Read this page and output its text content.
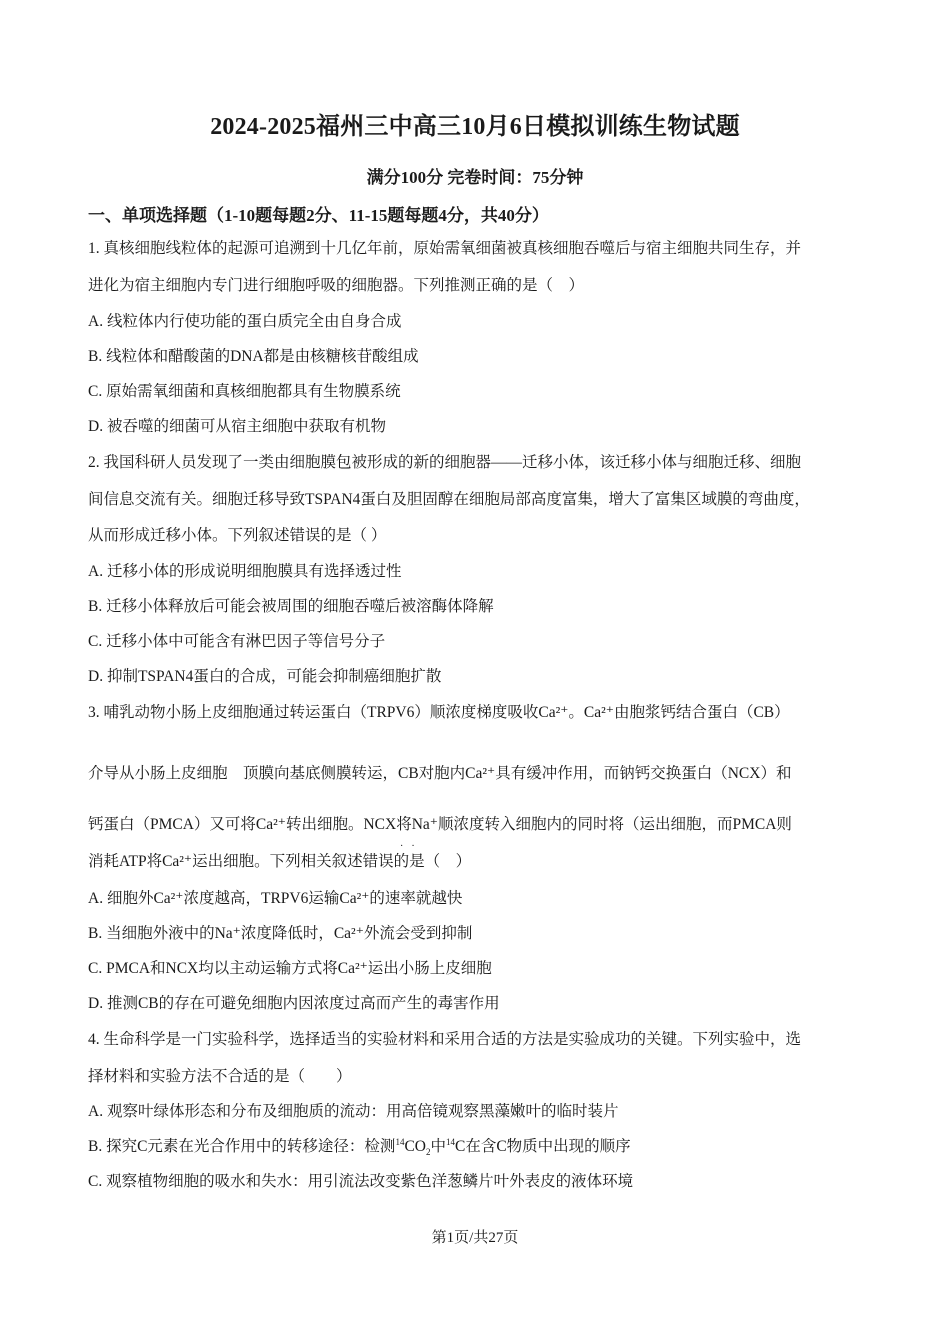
2024-2025福州三中高三10月6日模拟训练生物试题
满分100分 完卷时间：75分钟
一、单项选择题（1-10题每题2分、11-15题每题4分，共40分）
1. 真核细胞线粒体的起源可追溯到十几亿年前，原始需氧细菌被真核细胞吞噬后与宿主细胞共同生存，并
进化为宿主细胞内专门进行细胞呼吸的细胞器。下列推测正确的是（　）
A. 线粒体内行使功能的蛋白质完全由自身合成
B. 线粒体和醋酸菌的DNA都是由核糖核苷酸组成
C. 原始需氧细菌和真核细胞都具有生物膜系统
D. 被吞噬的细菌可从宿主细胞中获取有机物
2. 我国科研人员发现了一类由细胞膜包被形成的新的细胞器——迁移小体，该迁移小体与细胞迁移、细胞
间信息交流有关。细胞迁移导致TSPAN4蛋白及胆固醇在细胞局部高度富集，增大了富集区域膜的弯曲度，
从而形成迁移小体。下列叙述错误的是（ ）
A. 迁移小体的形成说明细胞膜具有选择透过性
B. 迁移小体释放后可能会被周围的细胞吞噬后被溶酶体降解
C. 迁移小体中可能含有淋巴因子等信号分子
D. 抑制TSPAN4蛋白的合成，可能会抑制癌细胞扩散
3. 哺乳动物小肠上皮细胞通过转运蛋白（TRPV6）顺浓度梯度吸收Ca²⁺。Ca²⁺由胞浆钙结合蛋白（CB）
介导从小肠上皮细胞　顶膜向基底侧膜转运，CB对胞内Ca²⁺具有缓冲作用，而钠钙交换蛋白（NCX）和
钙蛋白（PMCA）又可将Ca²⁺转出细胞。NCX将Na⁺顺浓度转入细胞内的同时将（运出细胞，而PMCA则
··
消耗ATP将Ca²⁺运出细胞。下列相关叙述错误的是（　）
A. 细胞外Ca²⁺浓度越高，TRPV6运输Ca²⁺的速率就越快
B. 当细胞外液中的Na⁺浓度降低时，Ca²⁺外流会受到抑制
C. PMCA和NCX均以主动运输方式将Ca²⁺运出小肠上皮细胞
D. 推测CB的存在可避免细胞内因浓度过高而产生的毒害作用
4. 生命科学是一门实验科学，选择适当的实验材料和采用合适的方法是实验成功的关键。下列实验中，选
择材料和实验方法不合适的是（　　）
A. 观察叶绿体形态和分布及细胞质的流动：用高倍镜观察黑藻嫩叶的临时装片
B. 探究C元素在光合作用中的转移途径：检测$^{14}CO_2$中$^{14}$C在含C物质中出现的顺序
C. 观察植物细胞的吸水和失水：用引流法改变紫色洋葱鳞片叶外表皮的液体环境
第1页/共27页
